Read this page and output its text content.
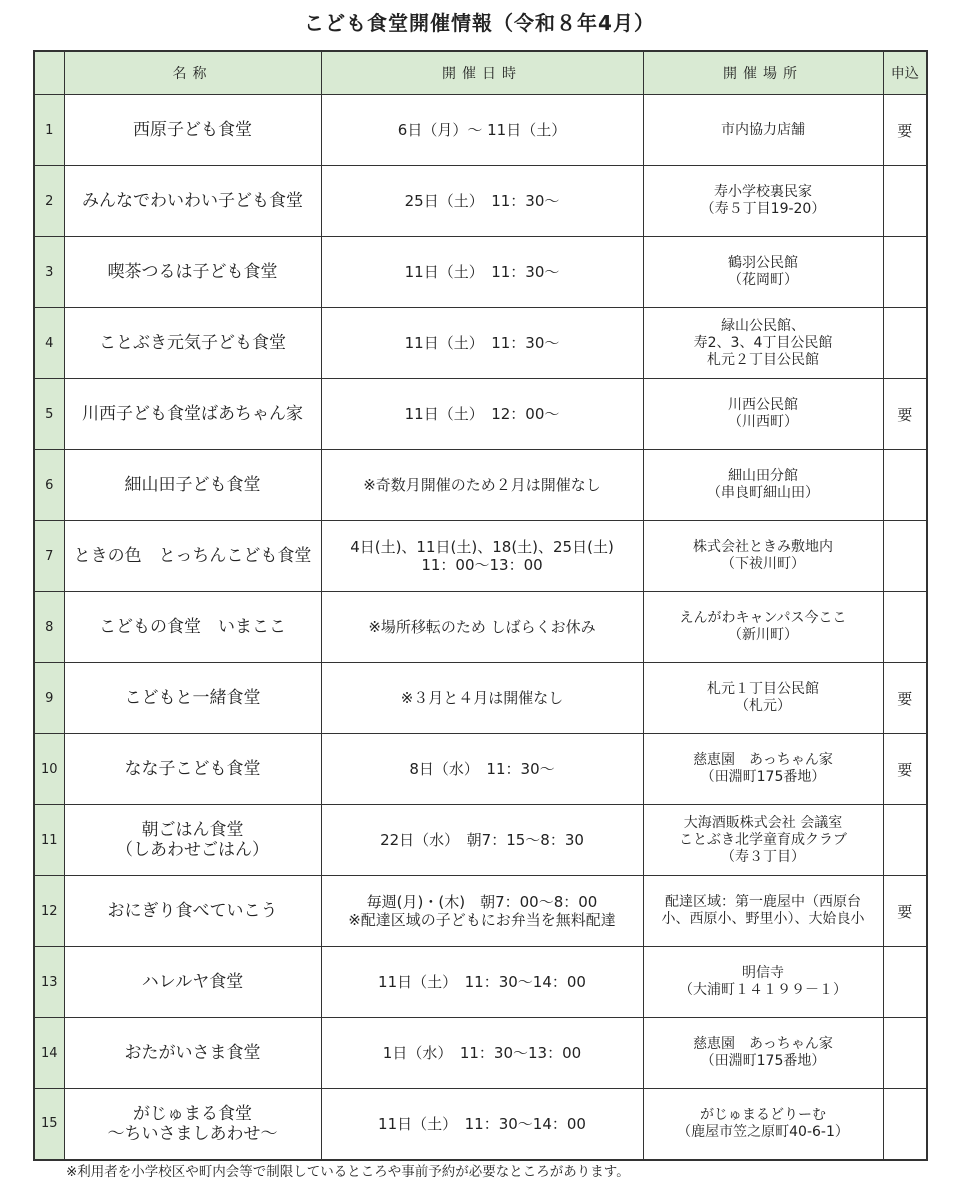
こども食堂開催情報（令和８年4月）
	名称	開催日時	開催場所	申込
1	西原子ども食堂	6日（月）～ 11日（土）	市内協力店舗	要
2	みんなでわいわい子ども食堂	25日（土）　11：30～	寿小学校裏民家
（寿５丁目19-20）	

3	喫茶つるは子ども食堂	11日（土）　11：30～	鶴羽公民館
（花岡町）	

4	ことぶき元気子ども食堂	11日（土）　11：30～	緑山公民館、
寿2、3、4丁目公民館
札元２丁目公民館	

5	川西子ども食堂ばあちゃん家	11日（土）　12：00～	川西公民館
（川西町）	要
6	細山田子ども食堂	※奇数月開催のため２月は開催なし	細山田分館
（串良町細山田）	

7	ときの色　とっちんこども食堂	4日(土)、11日(土)、18(土)、25日(土)
11：00～13：00	株式会社ときみ敷地内
（下祓川町）	

8	こどもの食堂　いまここ	※場所移転のため しばらくお休み	えんがわキャンパス今ここ
（新川町）	

9	こどもと一緒食堂	※３月と４月は開催なし	札元１丁目公民館
（札元）	要
10	なな子こども食堂	8日（水）　11：30～	慈恵園　あっちゃん家
（田淵町175番地）	要
11	朝ごはん食堂
（しあわせごはん）	22日（水）　朝7：15～8：30	大海酒販株式会社 会議室
ことぶき北学童育成クラブ
（寿３丁目）	

12	おにぎり食べていこう	毎週(月)・(木)　朝7：00～8：00
※配達区域の子どもにお弁当を無料配達	配達区域：第一鹿屋中（西原台
小、西原小、野里小）、大姶良小	要
13	ハレルヤ食堂	11日（土）　11：30～14：00	明信寺
（大浦町１４１９９－１）	

14	おたがいさま食堂	1日（水）　11：30～13：00	慈恵園　あっちゃん家
（田淵町175番地）	

15	がじゅまる食堂
～ちいさましあわせ～	11日（土）　11：30～14：00	がじゅまるどりーむ
（鹿屋市笠之原町40-6-1）	

※利用者を小学校区や町内会等で制限しているところや事前予約が必要なところがあります。
